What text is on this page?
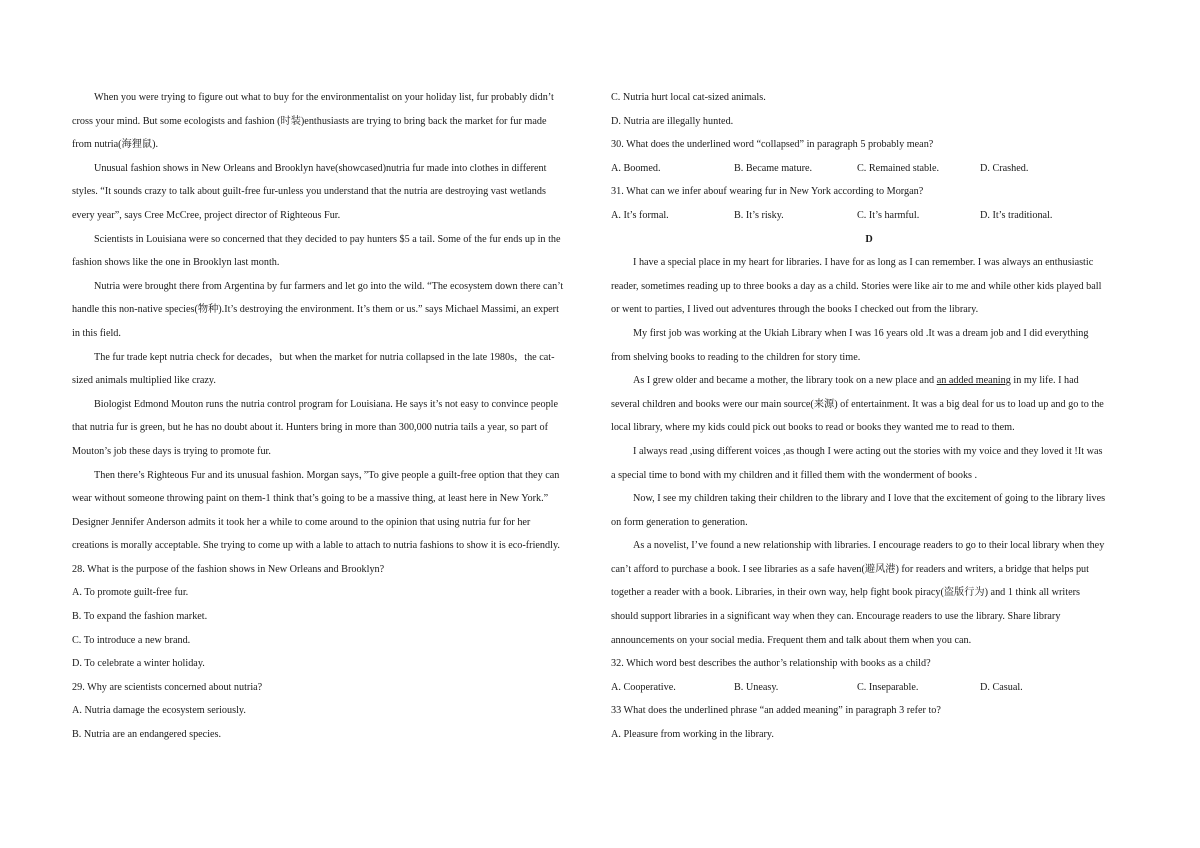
When you were trying to figure out what to buy for the environmentalist on your holiday list, fur probably didn’t
cross your mind. But some ecologists and fashion (时装)enthusiasts are trying to bring back the market for fur made
from nutria(海狸鼠).
Unusual fashion shows in New Orleans and Brooklyn have(showcased)nutria fur made into clothes in different
styles. “It sounds crazy to talk about guilt-free fur-unless you understand that the nutria are destroying vast wetlands
every year”, says Cree McCree, project director of Righteous Fur.
Scientists in Louisiana were so concerned that they decided to pay hunters $5 a tail. Some of the fur ends up in the
fashion shows like the one in Brooklyn last month.
Nutria were brought there from Argentina by fur farmers and let go into the wild. “The ecosystem down there can’t
handle this non-native species(物种).It’s destroying the environment. It’s them or us.” says Michael Massimi, an expert
in this field.
The fur trade kept nutria check for decades，but when the market for nutria collapsed in the late 1980s，the cat-
sized animals multiplied like crazy.
Biologist Edmond Mouton runs the nutria control program for Louisiana. He says it’s not easy to convince people
that nutria fur is green, but he has no doubt about it. Hunters bring in more than 300,000 nutria tails a year, so part of
Mouton’s job these days is trying to promote fur.
Then there’s Righteous Fur and its unusual fashion. Morgan says，”To give people a guilt-free option that they can
wear without someone throwing paint on them-1 think that’s going to be a massive thing, at least here in New York.”
Designer Jennifer Anderson admits it took her a while to come around to the opinion that using nutria fur for her
creations is morally acceptable. She trying to come up with a lable to attach to nutria fashions to show it is eco-friendly.
28. What is the purpose of the fashion shows in New Orleans and Brooklyn?
A. To promote guilt-free fur.
B. To expand the fashion market.
C. To introduce a new brand.
D. To celebrate a winter holiday.
29. Why are scientists concerned about nutria?
A. Nutria damage the ecosystem seriously.
B. Nutria are an endangered species.
C. Nutria hurt local cat-sized animals.
D. Nutria are illegally hunted.
30. What does the underlined word “collapsed” in paragraph 5 probably mean?
A. Boomed.	B. Became mature.	C. Remained stable.	D. Crashed.
31. What can we infer abouf wearing fur in New York according to Morgan?
A. It’s formal.	B. It’s risky.	C. It’s harmful.	D. It’s traditional.
D
I have a special place in my heart for libraries. I have for as long as I can remember. I was always an enthusiastic
reader, sometimes reading up to three books a day as a child. Stories were like air to me and while other kids played ball
or went to parties, I lived out adventures through the books I checked out from the library.
My first job was working at the Ukiah Library when I was 16 years old .It was a dream job and I did everything
from shelving books to reading to the children for story time.
As I grew older and became a mother, the library took on a new place and an added meaning in my life. I had
several children and books were our main source(来源) of entertainment. It was a big deal for us to load up and go to the
local library, where my kids could pick out books to read or books they wanted me to read to them.
I always read ,using different voices ,as though I were acting out the stories with my voice and they loved it !It was
a special time to bond with my children and it filled them with the wonderment of books .
Now, I see my children taking their children to the library and I love that the excitement of going to the library lives
on form generation to generation.
As a novelist, I’ve found a new relationship with libraries. I encourage readers to go to their local library when they
can’t afford to purchase a book. I see libraries as a safe haven(避风港) for readers and writers, a bridge that helps put
together a reader with a book. Libraries, in their own way, help fight book piracy(盗版行为) and 1 think all writers
should support libraries in a significant way when they can. Encourage readers to use the library. Share library
announcements on your social media. Frequent them and talk about them when you can.
32. Which word best describes the author’s relationship with books as a child?
A. Cooperative.	B. Uneasy.	C. Inseparable.	D. Casual.
33 What does the underlined phrase “an added meaning” in paragraph 3 refer to?
A. Pleasure from working in the library.
